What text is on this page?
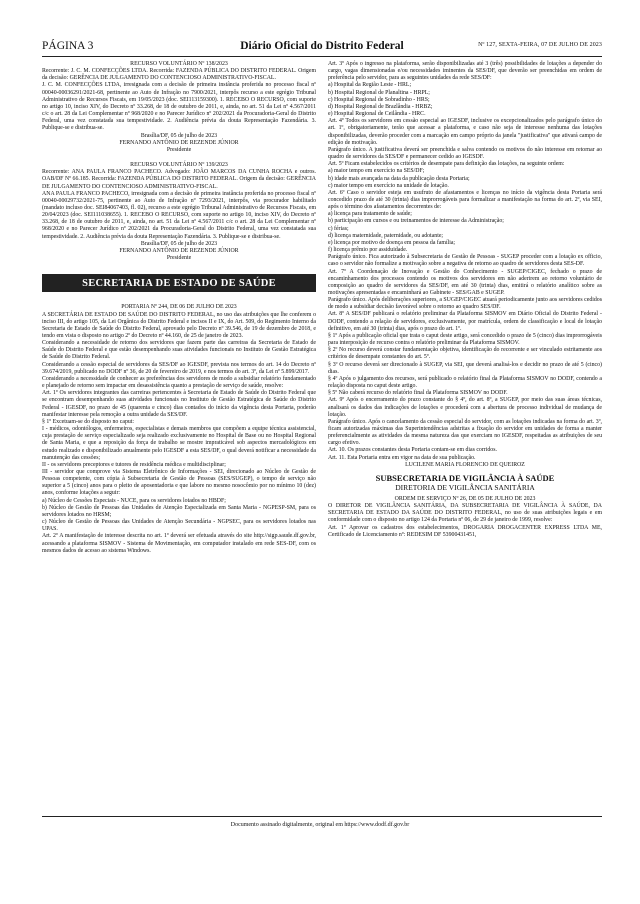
PÁGINA 3	Diário Oficial do Distrito Federal	Nº 127, SEXTA-FEIRA, 07 DE JULHO DE 2023

RECURSO VOLUNTÁRIO Nº 138/2023

Recorrente: J. C. M. CONFECÇÕES LTDA. Recorrida: FAZENDA PÚBLICA DO DISTRITO FEDERAL. Origem da decisão: GERÊNCIA DE JULGAMENTO DO CONTENCIOSO ADMINISTRATIVO-FISCAL.

J. C. M. CONFECÇÕES LTDA, irresignada com a decisão de primeira instância proferida no processo fiscal nº 00040-00036291/2021-68, pertinente ao Auto de Infração no 7900/2021, interpôs recurso a este egrégio Tribunal Administrativo de Recursos Fiscais, em 19/05/2023 (doc. SEI113159300). 1. RECEBO O RECURSO, com suporte no artigo 10, inciso XIV, do Decreto nº 33.268, de 18 de outubro de 2011, e, ainda, no art. 51 da Lei nº 4.567/2011 c/c o art. 28 da Lei Complementar nº 968/2020 e no Parecer Jurídico nº 202/2021 da Procuradoria-Geral do Distrito Federal, uma vez constatada sua tempestividade. 2. Audiência prévia da douta Representação Fazendária. 3. Publique-se e distribua-se.

Brasília/DF, 05 de julho de 2023

FERNANDO ANTÔNIO DE REZENDE JÚNIOR

Presidente

RECURSO VOLUNTÁRIO Nº 139/2023

Recorrente: ANA PAULA FRANCO PACHECO. Advogado: JOÃO MARCOS DA CUNHA ROCHA e outros. OAB/DF Nº 66.185. Recorrida: FAZENDA PÚBLICA DO DISTRITO FEDERAL. Origem da decisão: GERÊNCIA DE JULGAMENTO DO CONTENCIOSO ADMINISTRATIVO-FISCAL.

ANA PAULA FRANCO PACHECO, irresignada com a decisão de primeira instância proferida no processo fiscal nº 00040-00029732/2021-75, pertinente ao Auto de Infração nº 7293/2021, interpôs, via procurador habilitado (mandato incluso doc. SEI84067403, fl. 02), recurso a este egrégio Tribunal Administrativo de Recursos Fiscais, em 20/04/2023 (doc. SEI111038655). 1. RECEBO O RECURSO, com suporte no artigo 10, inciso XIV, do Decreto nº 33.268, de 18 de outubro de 2011, e, ainda, no art. 51 da Lei nº 4.567/2011 c/c o art. 28 da Lei Complementar nº 968/2020 e no Parecer Jurídico nº 202/2021 da Procuradoria-Geral do Distrito Federal, uma vez constatada sua tempestividade. 2. Audiência prévia da douta Representação Fazendária. 3. Publique-se e distribua-se.

Brasília/DF, 05 de julho de 2023

FERNANDO ANTÔNIO DE REZENDE JÚNIOR

Presidente

SECRETARIA DE ESTADO DE SAÚDE

PORTARIA Nº 244, DE 06 DE JULHO DE 2023

A SECRETÁRIA DE ESTADO DE SAÚDE DO DISTRITO FEDERAL, no uso das atribuições que lhe conferem o inciso III, do artigo 105, da Lei Orgânica do Distrito Federal e incisos II e IX, do Art. 509, do Regimento Interno da Secretaria de Estado de Saúde do Distrito Federal, aprovado pelo Decreto nº 39.546, de 19 de dezembro de 2018, e tendo em vista o disposto no artigo 2º do Decreto nº 44.160, de 25 de janeiro de 2023.

Considerando a necessidade de retorno dos servidores que fazem parte das carreiras da Secretaria de Estado de Saúde do Distrito Federal e que estão desempenhando suas atividades funcionais no Instituto de Gestão Estratégica de Saúde do Distrito Federal.

Considerando a cessão especial de servidores da SES/DF ao IGESDF, prevista nos termos do art. 14 do Decreto nº 39.674/2019, publicado no DODF nº 36, de 20 de fevereiro de 2019, e nos termos do art. 3º, da Lei nº 5.899/2017.

Considerando a necessidade de conhecer as preferências dos servidores de modo a subsidiar relatório fundamentado e planejado de retorno sem impactar em desassistência quanto a prestação de serviço de saúde, resolve:

Art. 1º Os servidores integrantes das carreiras pertencentes à Secretaria de Estado de Saúde do Distrito Federal que se encontram desempenhando suas atividades funcionais no Instituto de Gestão Estratégica de Saúde do Distrito Federal - IGESDF, no prazo de 45 (quarenta e cinco) dias contados do início da vigência desta Portaria, poderão manifestar interesse pela remoção a outra unidade da SES/DF.

§ 1º Excetuam-se do disposto no caput:

I - médicos, odontólogos, enfermeiros, especialistas e demais membros que compõem a equipe técnica assistencial, cuja prestação de serviço especializado seja realizado exclusivamente no Hospital de Base ou no Hospital Regional de Santa Maria, e que a reposição da força de trabalho se mostre impraticável sob aspectos mercadológicos em estudo realizado e disponibilizado anualmente pelo IGESDF a esta SES/DF, o qual deverá notificar a necessidade da manutenção das cessões;

II - os servidores preceptores e tutores de residência médica e multidisciplinar;

III - servidor que comprove via Sistema Eletrônico de Informações - SEI, direcionado ao Núcleo de Gestão de Pessoas competente, com cópia à Subsecretaria de Gestão de Pessoas (SES/SUGEP), o tempo de serviço não superior a 5 (cinco) anos para o pleito de aposentadoria e que labore no mesmo nosocômio por no mínimo 10 (dez) anos, conforme lotações a seguir:

a) Núcleo de Cessões Especiais - NUCE, para os servidores lotados no HBDF;

b) Núcleo de Gestão de Pessoas das Unidades de Atenção Especializada em Santa Maria - NGPESP-SM, para os servidores lotados no HRSM;

c) Núcleo de Gestão de Pessoas das Unidades de Atenção Secundária - NGPSEC, para os servidores lotados nas UPAS.

Art. 2º A manifestação de interesse descrita no art. 1º deverá ser efetuada através do site http://sigp.saude.df.gov.br, acessando a plataforma SISMOV - Sistema de Movimentação, em computador instalado em rede SES-DF, com os mesmos dados de acesso ao sistema Windows.

Art. 3º Após o ingresso na plataforma, serão disponibilizadas até 3 (três) possibilidades de lotações a depender do cargo, vagas dimensionadas e/ou necessidades iminentes da SES/DF, que deverão ser preenchidas em ordem de preferência pelo servidor, para as seguintes unidades da rede SES/DF:

a) Hospital da Região Leste - HRL;

b) Hospital Regional de Planaltina - HRPL;

c) Hospital Regional de Sobradinho - HRS;

d) Hospital Regional de Brazlândia - HRBZ;

e) Hospital Regional de Ceilândia - HRC.

Art. 4º Todos os servidores em cessão especial ao IGESDF, inclusive os excepcionalizados pelo parágrafo único do art. 1º, obrigatoriamente, terão que acessar a plataforma, e caso não seja de interesse nenhuma das lotações disponibilizadas, deverão proceder com a marcação em campo próprio da janela "justificativa" que ativará campo de edição de motivação.

Parágrafo único. A justificativa deverá ser preenchida e salva contendo os motivos do não interesse em retornar ao quadro de servidores da SES/DF e permanecer cedido ao IGESDF.

Art. 5º Ficam estabelecidos os critérios de desempate para definição das lotações, na seguinte ordem:

a) maior tempo em exercício na SES/DF;

b) idade mais avançada na data da publicação desta Portaria;

c) maior tempo em exercício na unidade de lotação.

Art. 6º Caso o servidor esteja em usufruto de afastamentos e licenças no início da vigência desta Portaria será concedido prazo de até 30 (trinta) dias improrrogáveis para formalizar a manifestação na forma do art. 2º, via SEI, após o término dos afastamentos decorrentes de:

a) licença para tratamento de saúde;

b) participação em cursos e ou treinamentos de interesse da Administração;

c) férias;

d) licença maternidade, paternidade, ou adotante;

e) licença por motivo de doença em pessoa da família;

f) licença prêmio por assiduidade.

Parágrafo único. Fica autorizado à Subsecretaria de Gestão de Pessoas - SUGEP proceder com a lotação ex officio, caso o servidor não formalize a motivação sobre a negativa de retorno ao quadro de servidores desta SES-DF.

Art. 7º A Coordenação de Inovação e Gestão do Conhecimento - SUGEP/CIGEC, fechado o prazo de encaminhamento dos processos contendo os motivos dos servidores em não aderirem ao retorno voluntário de composição ao quadro de servidores da SES/DF, em até 30 (trinta) dias, emitirá o relatório analítico sobre as motivações apresentadas e encaminhará ao Gabinete - SES/GAB e SUGEP.

Parágrafo único. Após deliberações superiores, a SUGEP/CIGEC atuará periodicamente junto aos servidores cedidos de modo a subsidiar decisão favorável sobre o retorno ao quadro SES/DF.

Art. 8º A SES/DF publicará o relatório preliminar da Plataforma SISMOV em Diário Oficial do Distrito Federal - DODF, contendo a relação de servidores, exclusivamente, por matrícula, ordem de classificação e local de lotação definitivo, em até 30 (trinta) dias, após o prazo do art. 1º.

§ 1º Após a publicação oficial que trata o caput deste artigo, será concedido o prazo de 5 (cinco) dias improrrogáveis para interposição de recurso contra o relatório preliminar da Plataforma SISMOV.

§ 2º No recurso deverá constar fundamentação objetiva, identificação do recorrente e ser vinculado estritamente aos critérios de desempate constantes do art. 5º.

§ 3º O recurso deverá ser direcionado à SUGEP, via SEI, que deverá analisá-los e decidir no prazo de até 5 (cinco) dias.

§ 4º Após o julgamento dos recursos, será publicado o relatório final da Plataforma SISMOV no DODF, contendo a relação disposta no caput deste artigo.

§ 5º Não caberá recurso do relatório final da Plataforma SISMOV no DODF.

Art. 9º Após o encerramento do prazo constante do § 4º, do art. 8º, a SUGEP, por meio das suas áreas técnicas, analisará os dados das indicações de lotações e procederá com a abertura de processo individual de mudança de lotação.

Parágrafo único. Após o cancelamento da cessão especial do servidor, com as lotações indicadas na forma do art. 3º, ficam autorizadas máximas das Superintendências adstritas a fixação do servidor em unidades de forma a manter preferencialmente as atividades da mesma natureza das que exerciam no IGESDF, respeitadas as atribuições de seu cargo efetivo.

Art. 10. Os prazos constantes desta Portaria contam-se em dias corridos.

Art. 11. Esta Portaria entra em vigor na data de sua publicação.

LUCILENE MARIA FLORENCIO DE QUEIROZ

SUBSECRETARIA DE VIGILÂNCIA À SAÚDE
DIRETORIA DE VIGILÂNCIA SANITÁRIA

ORDEM DE SERVIÇO Nº 26, DE 05 DE JULHO DE 2023

O DIRETOR DE VIGILÂNCIA SANITÁRIA, DA SUBSECRETARIA DE VIGILÂNCIA À SAÚDE, DA SECRETARIA DE ESTADO DA SAÚDE DO DISTRITO FEDERAL, no uso de suas atribuições legais e em conformidade com o disposto no artigo 124 da Portaria nº 06, de 29 de janeiro de 1999, resolve:

Art. 1º Aprovar os cadastros dos estabelecimentos, DROGARIA DROGACENTER EXPRESS LTDA ME, Certificado de Licenciamento nº: REDESIM DF 53900431451,

Documento assinado digitalmente, original em https://www.dodf.df.gov.br
